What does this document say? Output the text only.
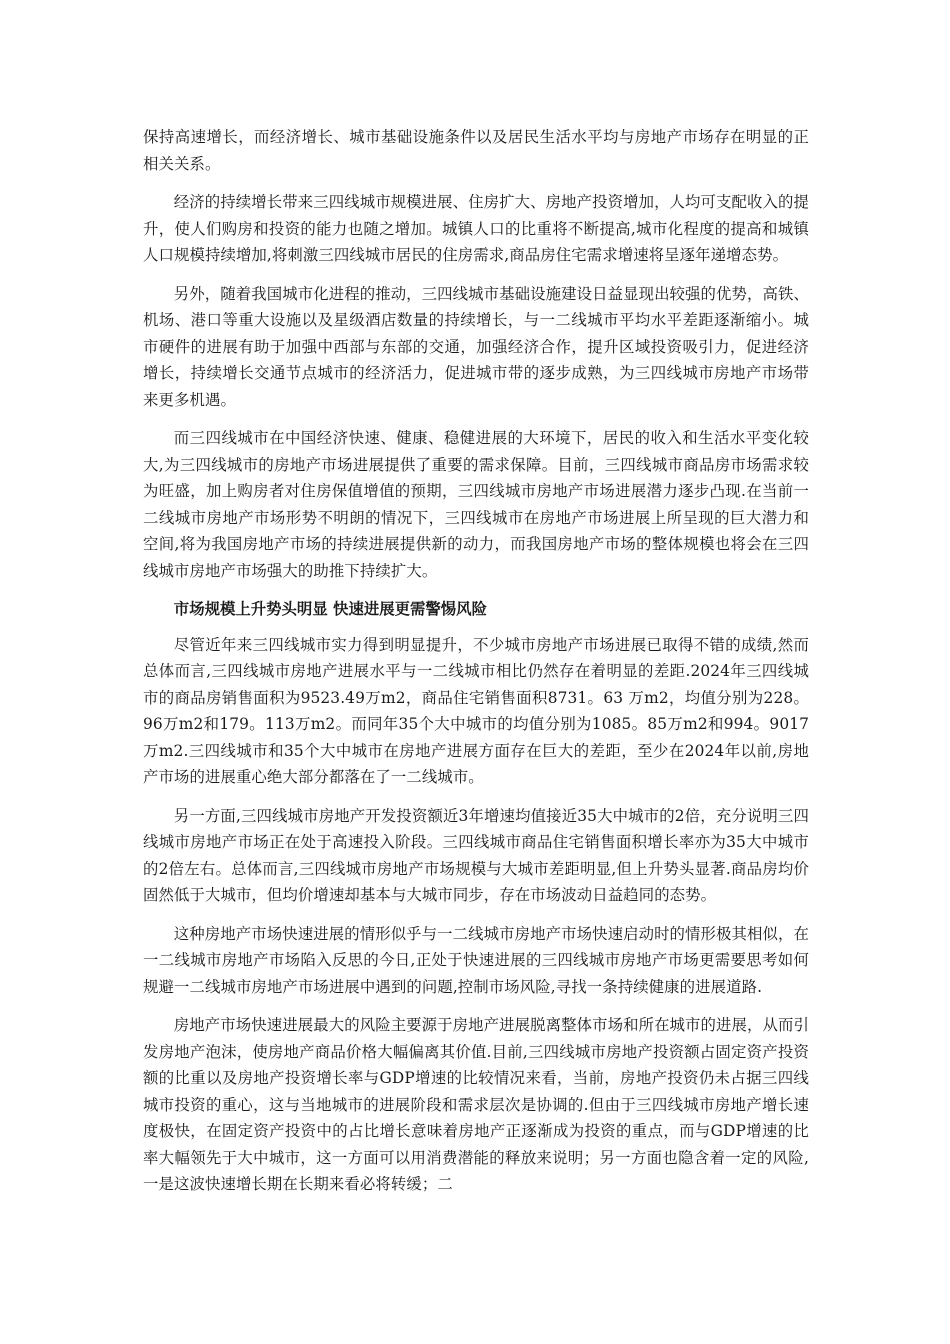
保持高速增长，而经济增长、城市基础设施条件以及居民生活水平均与房地产市场存在明显的正相关关系。

经济的持续增长带来三四线城市规模进展、住房扩大、房地产投资增加，人均可支配收入的提升，使人们购房和投资的能力也随之增加。城镇人口的比重将不断提高,城市化程度的提高和城镇人口规模持续增加,将刺激三四线城市居民的住房需求,商品房住宅需求增速将呈逐年递增态势。

另外，随着我国城市化进程的推动，三四线城市基础设施建设日益显现出较强的优势，高铁、机场、港口等重大设施以及星级酒店数量的持续增长，与一二线城市平均水平差距逐渐缩小。城市硬件的进展有助于加强中西部与东部的交通，加强经济合作，提升区域投资吸引力，促进经济增长，持续增长交通节点城市的经济活力，促进城市带的逐步成熟，为三四线城市房地产市场带来更多机遇。

而三四线城市在中国经济快速、健康、稳健进展的大环境下，居民的收入和生活水平变化较大,为三四线城市的房地产市场进展提供了重要的需求保障。目前，三四线城市商品房市场需求较为旺盛，加上购房者对住房保值增值的预期，三四线城市房地产市场进展潜力逐步凸现.在当前一二线城市房地产市场形势不明朗的情况下，三四线城市在房地产市场进展上所呈现的巨大潜力和空间,将为我国房地产市场的持续进展提供新的动力，而我国房地产市场的整体规模也将会在三四线城市房地产市场强大的助推下持续扩大。

市场规模上升势头明显 快速进展更需警惕风险

尽管近年来三四线城市实力得到明显提升，不少城市房地产市场进展已取得不错的成绩,然而总体而言,三四线城市房地产进展水平与一二线城市相比仍然存在着明显的差距.2024年三四线城市的商品房销售面积为9523.49万m2，商品住宅销售面积8731。63 万m2，均值分别为228。96万m2和179。113万m2。而同年35个大中城市的均值分别为1085。85万m2和994。9017万m2.三四线城市和35个大中城市在房地产进展方面存在巨大的差距，至少在2024年以前,房地产市场的进展重心绝大部分都落在了一二线城市。

另一方面,三四线城市房地产开发投资额近3年增速均值接近35大中城市的2倍，充分说明三四线城市房地产市场正在处于高速投入阶段。三四线城市商品住宅销售面积增长率亦为35大中城市的2倍左右。总体而言,三四线城市房地产市场规模与大城市差距明显,但上升势头显著.商品房均价固然低于大城市，但均价增速却基本与大城市同步，存在市场波动日益趋同的态势。

这种房地产市场快速进展的情形似乎与一二线城市房地产市场快速启动时的情形极其相似，在一二线城市房地产市场陷入反思的今日,正处于快速进展的三四线城市房地产市场更需要思考如何规避一二线城市房地产市场进展中遇到的问题,控制市场风险,寻找一条持续健康的进展道路.

房地产市场快速进展最大的风险主要源于房地产进展脱离整体市场和所在城市的进展，从而引发房地产泡沫，使房地产商品价格大幅偏离其价值.目前,三四线城市房地产投资额占固定资产投资额的比重以及房地产投资增长率与GDP增速的比较情况来看，当前，房地产投资仍未占据三四线城市投资的重心，这与当地城市的进展阶段和需求层次是协调的.但由于三四线城市房地产增长速度极快，在固定资产投资中的占比增长意味着房地产正逐渐成为投资的重点，而与GDP增速的比率大幅领先于大中城市，这一方面可以用消费潜能的释放来说明；另一方面也隐含着一定的风险,一是这波快速增长期在长期来看必将转缓；二
